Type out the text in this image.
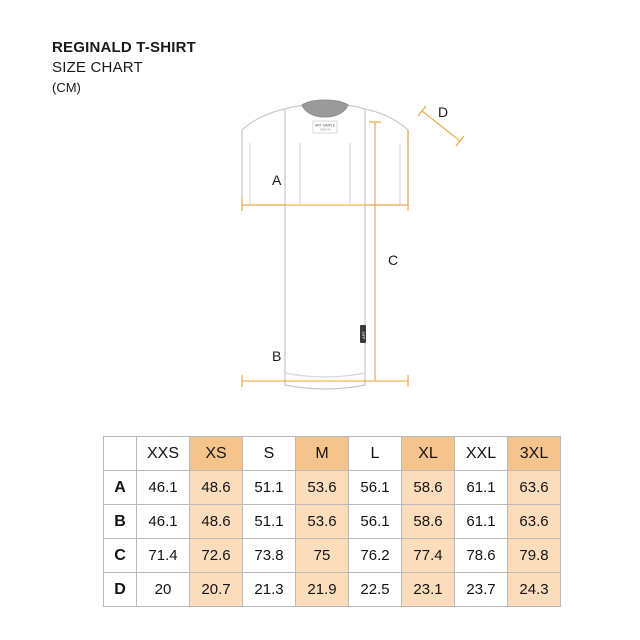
REGINALD T-SHIRT
SIZE CHART
(CM)
ART SIMPLE
SIZE M
ART
A
B
C
D
	XXS	XS	S	M	L	XL	XXL	3XL
A	46.1	48.6	51.1	53.6	56.1	58.6	61.1	63.6
B	46.1	48.6	51.1	53.6	56.1	58.6	61.1	63.6
C	71.4	72.6	73.8	75	76.2	77.4	78.6	79.8
D	20	20.7	21.3	21.9	22.5	23.1	23.7	24.3
